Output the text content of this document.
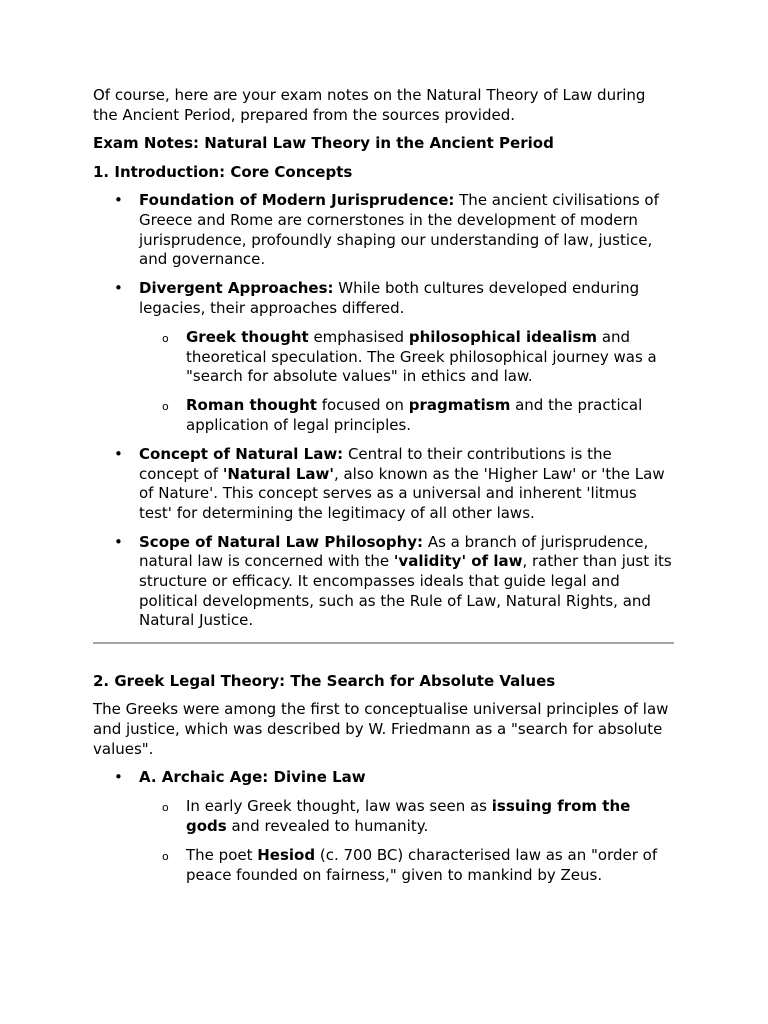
Of course, here are your exam notes on the Natural Theory of Law during the Ancient Period, prepared from the sources provided.

Exam Notes: Natural Law Theory in the Ancient Period

1. Introduction: Core Concepts

• Foundation of Modern Jurisprudence: The ancient civilisations of Greece and Rome are cornerstones in the development of modern jurisprudence, profoundly shaping our understanding of law, justice, and governance.
• Divergent Approaches: While both cultures developed enduring legacies, their approaches differed.
o Greek thought emphasised philosophical idealism and theoretical speculation. The Greek philosophical journey was a "search for absolute values" in ethics and law.
o Roman thought focused on pragmatism and the practical application of legal principles.
• Concept of Natural Law: Central to their contributions is the concept of 'Natural Law', also known as the 'Higher Law' or 'the Law of Nature'. This concept serves as a universal and inherent 'litmus test' for determining the legitimacy of all other laws.
• Scope of Natural Law Philosophy: As a branch of jurisprudence, natural law is concerned with the 'validity' of law, rather than just its structure or efficacy. It encompasses ideals that guide legal and political developments, such as the Rule of Law, Natural Rights, and Natural Justice.

2. Greek Legal Theory: The Search for Absolute Values

The Greeks were among the first to conceptualise universal principles of law and justice, which was described by W. Friedmann as a "search for absolute values".

• A. Archaic Age: Divine Law
o In early Greek thought, law was seen as issuing from the gods and revealed to humanity.
o The poet Hesiod (c. 700 BC) characterised law as an "order of peace founded on fairness," given to mankind by Zeus.
